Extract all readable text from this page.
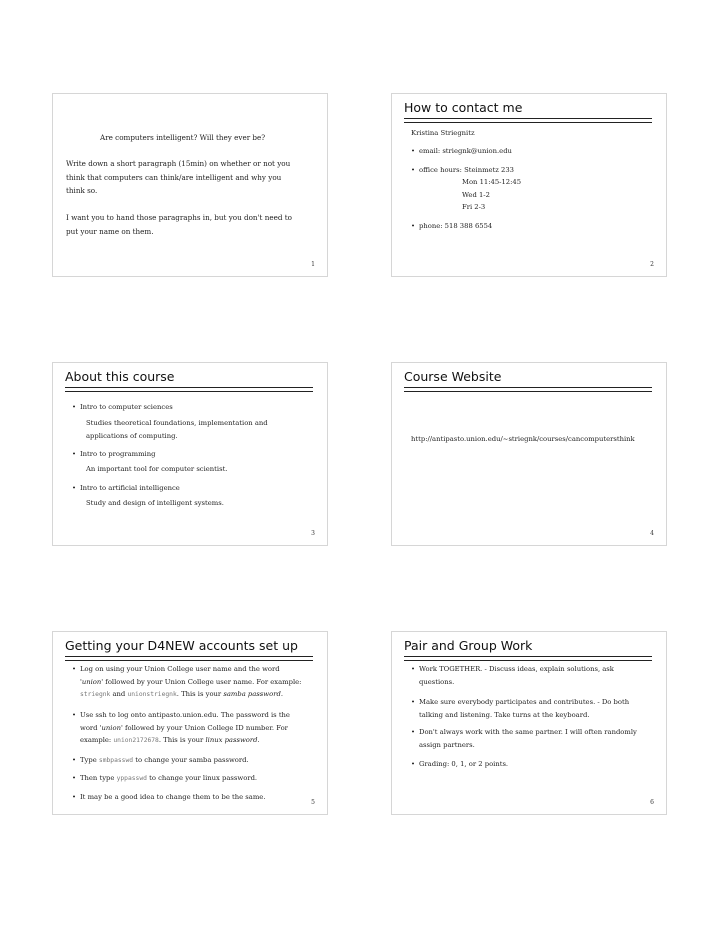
Are computers intelligent? Will they ever be?
Write down a short paragraph (15min) on whether or not you
think that computers can think/are intelligent and why you
think so.
I want you to hand those paragraphs in, but you don't need to
put your name on them.
1
How to contact me
Kristina Striegnitz
• email: striegnk@union.edu
• office hours: Steinmetz 233
Mon 11:45-12:45
Wed 1-2
Fri 2-3
• phone: 518 388 6554
2
About this course
• Intro to computer sciences
Studies theoretical foundations, implementation and
applications of computing.
• Intro to programming
An important tool for computer scientist.
• Intro to artificial intelligence
Study and design of intelligent systems.
3
Course Website
http://antipasto.union.edu/~striegnk/courses/cancomputersthink
4
Getting your D4NEW accounts set up
• Log on using your Union College user name and the word
'union' followed by your Union College user name. For example:
striegnk and unionstriegnk. This is your samba password.
• Use ssh to log onto antipasto.union.edu. The password is the
word 'union' followed by your Union College ID number. For
example: union2172678. This is your linux password.
• Type smbpasswd to change your samba password.
• Then type yppasswd to change your linux password.
• It may be a good idea to change them to be the same.
5
Pair and Group Work
• Work TOGETHER. - Discuss ideas, explain solutions, ask
questions.
• Make sure everybody participates and contributes. - Do both
talking and listening. Take turns at the keyboard.
• Don't always work with the same partner. I will often randomly
assign partners.
• Grading: 0, 1, or 2 points.
6
